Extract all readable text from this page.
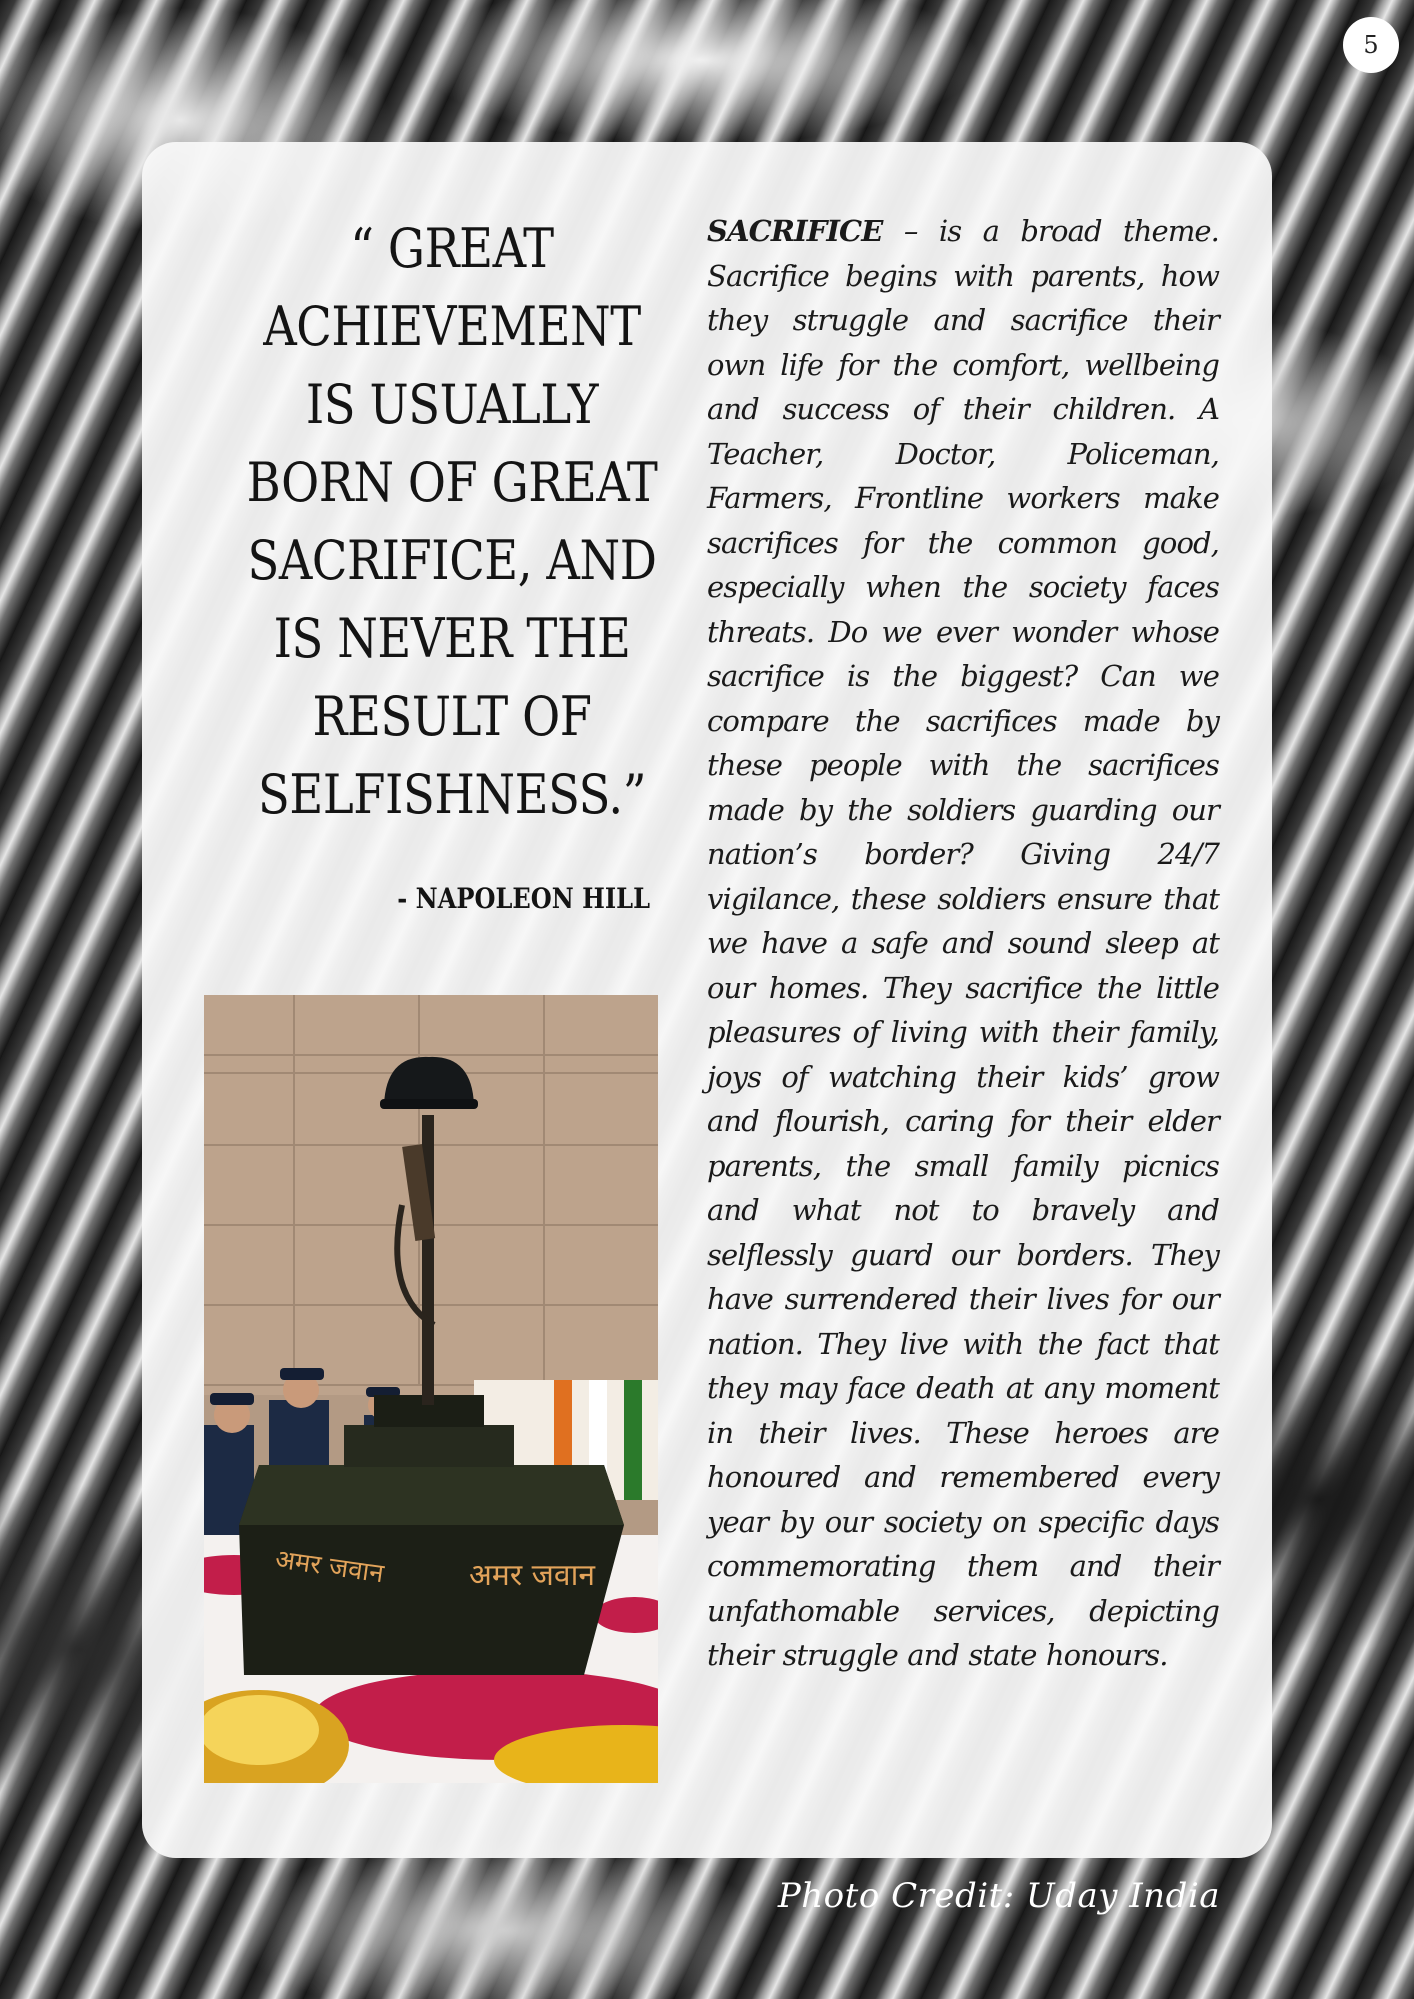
5

“ GREAT ACHIEVEMENT IS USUALLY BORN OF GREAT SACRIFICE, AND IS NEVER THE RESULT OF SELFISHNESS.”

- NAPOLEON HILL

अमर जवान	अमर जवान

SACRIFICE – is a broad theme. Sacrifice begins with parents, how they struggle and sacrifice their own life for the comfort, wellbeing and success of their children. A Teacher, Doctor, Policeman, Farmers, Frontline workers make sacrifices for the common good, especially when the society faces threats. Do we ever wonder whose sacrifice is the biggest? Can we compare the sacrifices made by these people with the sacrifices made by the soldiers guarding our nation’s border? Giving 24/7 vigilance, these soldiers ensure that we have a safe and sound sleep at our homes. They sacrifice the little pleasures of living with their family, joys of watching their kids’ grow and flourish, caring for their elder parents, the small family picnics and what not to bravely and selflessly guard our borders. They have surrendered their lives for our nation. They live with the fact that they may face death at any moment in their lives. These heroes are honoured and remembered every year by our society on specific days commemorating them and their unfathomable services, depicting their struggle and state honours.

Photo Credit: Uday India
